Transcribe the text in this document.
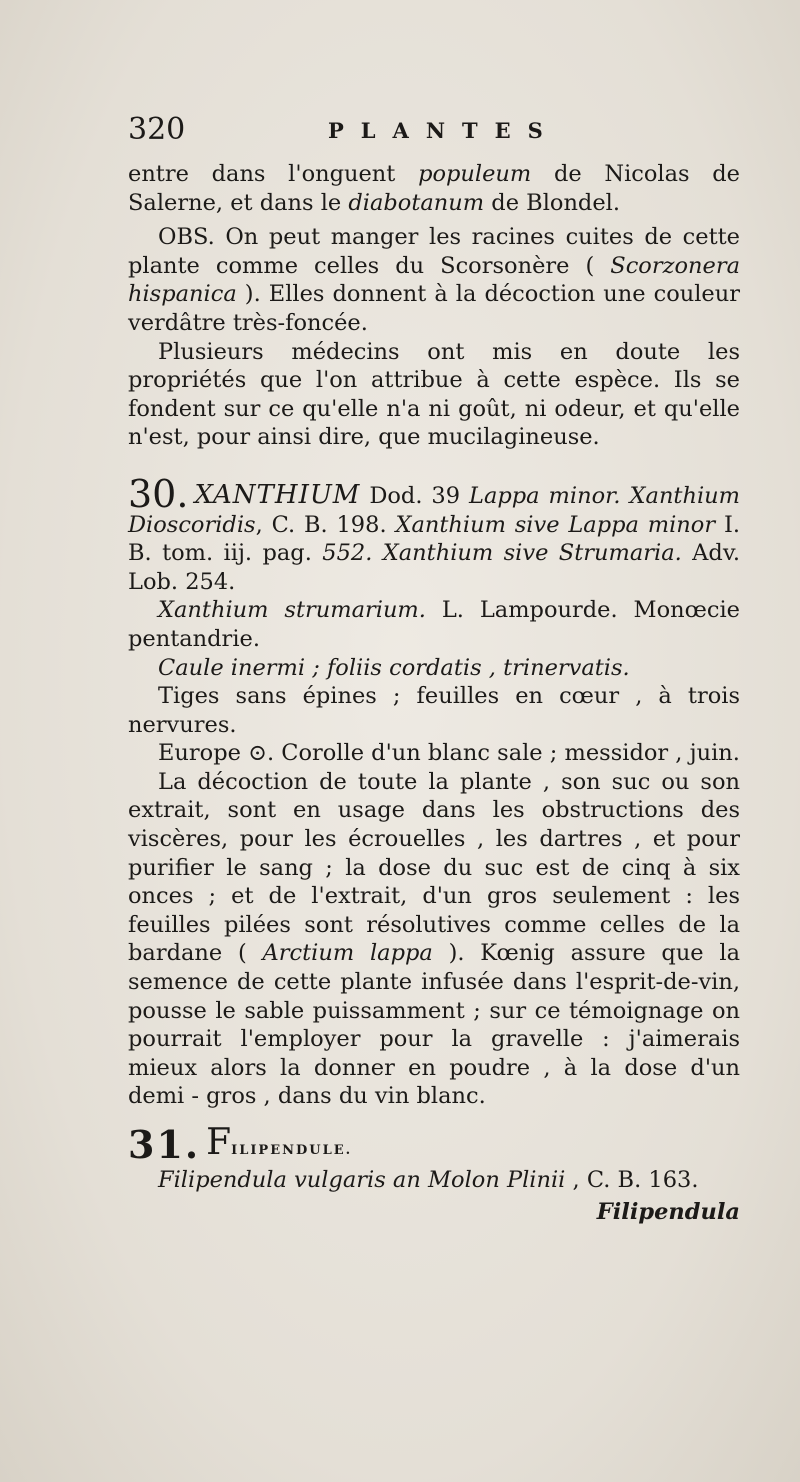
320	PLANTES

entre dans l'onguent populeum de Nicolas de Salerne, et dans le diabotanum de Blondel.

OBS. On peut manger les racines cuites de cette plante comme celles du Scorsonère ( Scorzonera hispanica ). Elles donnent à la décoction une couleur verdâtre très-foncée.

Plusieurs médecins ont mis en doute les propriétés que l'on attribue à cette espèce. Ils se fondent sur ce qu'elle n'a ni goût, ni odeur, et qu'elle n'est, pour ainsi dire, que mucilagineuse.

30. XANTHIUM Dod. 39 Lappa minor. Xanthium Dioscoridis, C. B. 198. Xanthium sive Lappa minor I. B. tom. iij. pag. 552. Xanthium sive Strumaria. Adv. Lob. 254.

Xanthium strumarium. L. Lampourde. Monœcie pentandrie.

Caule inermi ; foliis cordatis , trinervatis.

Tiges sans épines ; feuilles en cœur , à trois nervures.

Europe ⊙. Corolle d'un blanc sale ; messidor , juin.

La décoction de toute la plante , son suc ou son extrait, sont en usage dans les obstructions des viscères, pour les écrouelles , les dartres , et pour purifier le sang ; la dose du suc est de cinq à six onces ; et de l'extrait, d'un gros seulement : les feuilles pilées sont résolutives comme celles de la bardane ( Arctium lappa ). Kœnig assure que la semence de cette plante infusée dans l'esprit-de-vin, pousse le sable puissamment ; sur ce témoignage on pourrait l'employer pour la gravelle : j'aimerais mieux alors la donner en poudre , à la dose d'un demi - gros , dans du vin blanc.

31. FILIPENDULE.

Filipendula vulgaris an Molon Plinii , C. B. 163.

Filipendula
